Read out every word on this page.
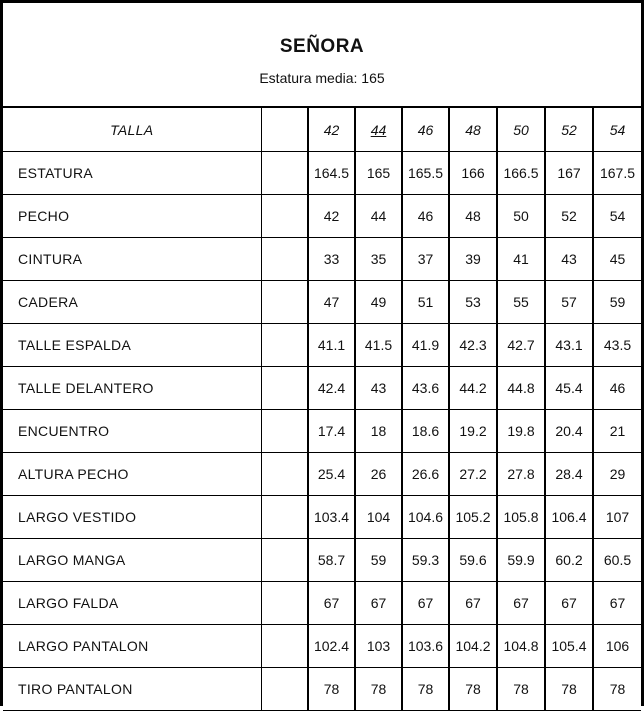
SEÑORA
Estatura media: 165
TALLA		42	44	46	48	50	52	54
ESTATURA		164.5	165	165.5	166	166.5	167	167.5
PECHO		42	44	46	48	50	52	54
CINTURA		33	35	37	39	41	43	45
CADERA		47	49	51	53	55	57	59
TALLE ESPALDA		41.1	41.5	41.9	42.3	42.7	43.1	43.5
TALLE DELANTERO		42.4	43	43.6	44.2	44.8	45.4	46
ENCUENTRO		17.4	18	18.6	19.2	19.8	20.4	21
ALTURA PECHO		25.4	26	26.6	27.2	27.8	28.4	29
LARGO VESTIDO		103.4	104	104.6	105.2	105.8	106.4	107
LARGO MANGA		58.7	59	59.3	59.6	59.9	60.2	60.5
LARGO FALDA		67	67	67	67	67	67	67
LARGO PANTALON		102.4	103	103.6	104.2	104.8	105.4	106
TIRO PANTALON		78	78	78	78	78	78	78
